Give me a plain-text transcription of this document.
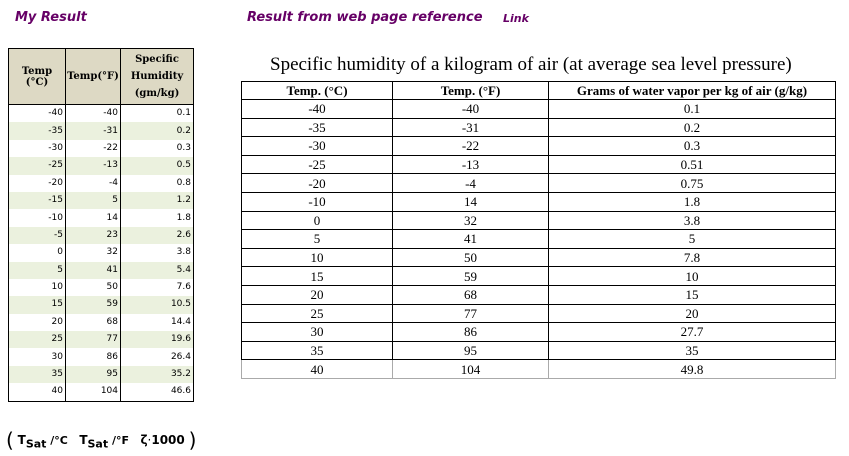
My Result	Result from web page reference Link
Temp (°C)	Temp(°F)	Specific Humidity (gm/kg)
-40	-40	0.1
-35	-31	0.2
-30	-22	0.3
-25	-13	0.5
-20	-4	0.8
-15	5	1.2
-10	14	1.8
-5	23	2.6
0	32	3.8
5	41	5.4
10	50	7.6
15	59	10.5
20	68	14.4
25	77	19.6
30	86	26.4
35	95	35.2
40	104	46.6
Specific humidity of a kilogram of air (at average sea level pressure)
Temp. (°C)	Temp. (°F)	Grams of water vapor per kg of air (g/kg)
-40	-40	0.1
-35	-31	0.2
-30	-22	0.3
-25	-13	0.51
-20	-4	0.75
-10	14	1.8
0	32	3.8
5	41	5
10	50	7.8
15	59	10
20	68	15
25	77	20
30	86	27.7
35	95	35
40	104	49.8
( $T_{Sat}$ /°C $T_{Sat}$ /°F ζ·1000 )
